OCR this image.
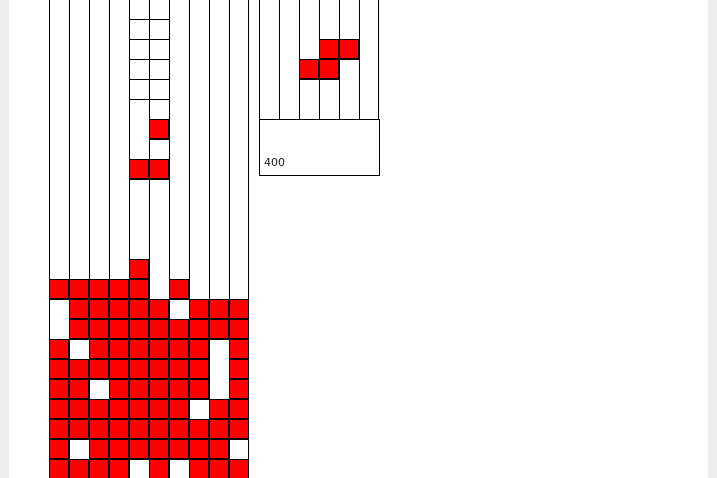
400
